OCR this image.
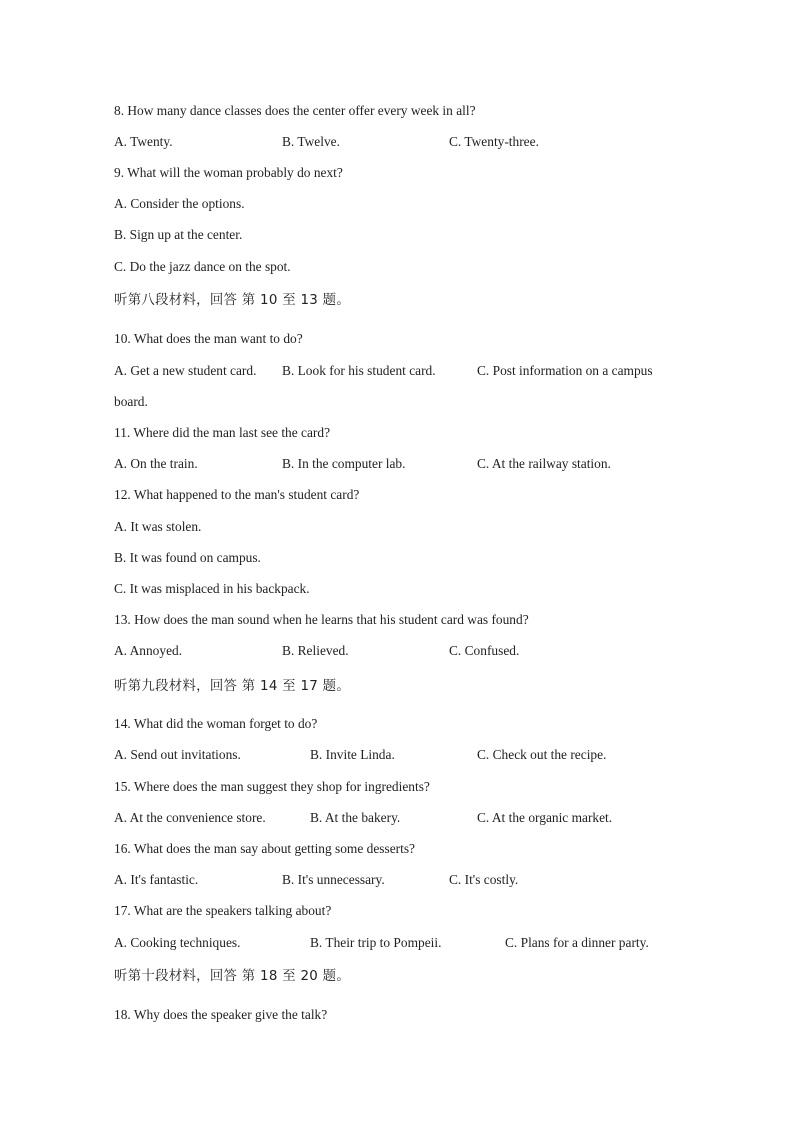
8. How many dance classes does the center offer every week in all?
A. Twenty.	B. Twelve.	C. Twenty-three.
9. What will the woman probably do next?
A. Consider the options.
B. Sign up at the center.
C. Do the jazz dance on the spot.
听第八段材料，回答 第 10 至 13 题。
10. What does the man want to do?
A. Get a new student card. B. Look for his student card.	C. Post information on a campus
board.
11. Where did the man last see the card?
A. On the train.	B. In the computer lab.	C. At the railway station.
12. What happened to the man's student card?
A. It was stolen.
B. It was found on campus.
C. It was misplaced in his backpack.
13. How does the man sound when he learns that his student card was found?
A. Annoyed.	B. Relieved.	C. Confused.
听第九段材料，回答 第 14 至 17 题。
14. What did the woman forget to do?
A. Send out invitations.	B. Invite Linda.	C. Check out the recipe.
15. Where does the man suggest they shop for ingredients?
A. At the convenience store.	B. At the bakery.	C. At the organic market.
16. What does the man say about getting some desserts?
A. It's fantastic.	B. It's unnecessary.	C. It's costly.
17. What are the speakers talking about?
A. Cooking techniques.	B. Their trip to Pompeii.	C. Plans for a dinner party.
听第十段材料，回答 第 18 至 20 题。
18. Why does the speaker give the talk?
